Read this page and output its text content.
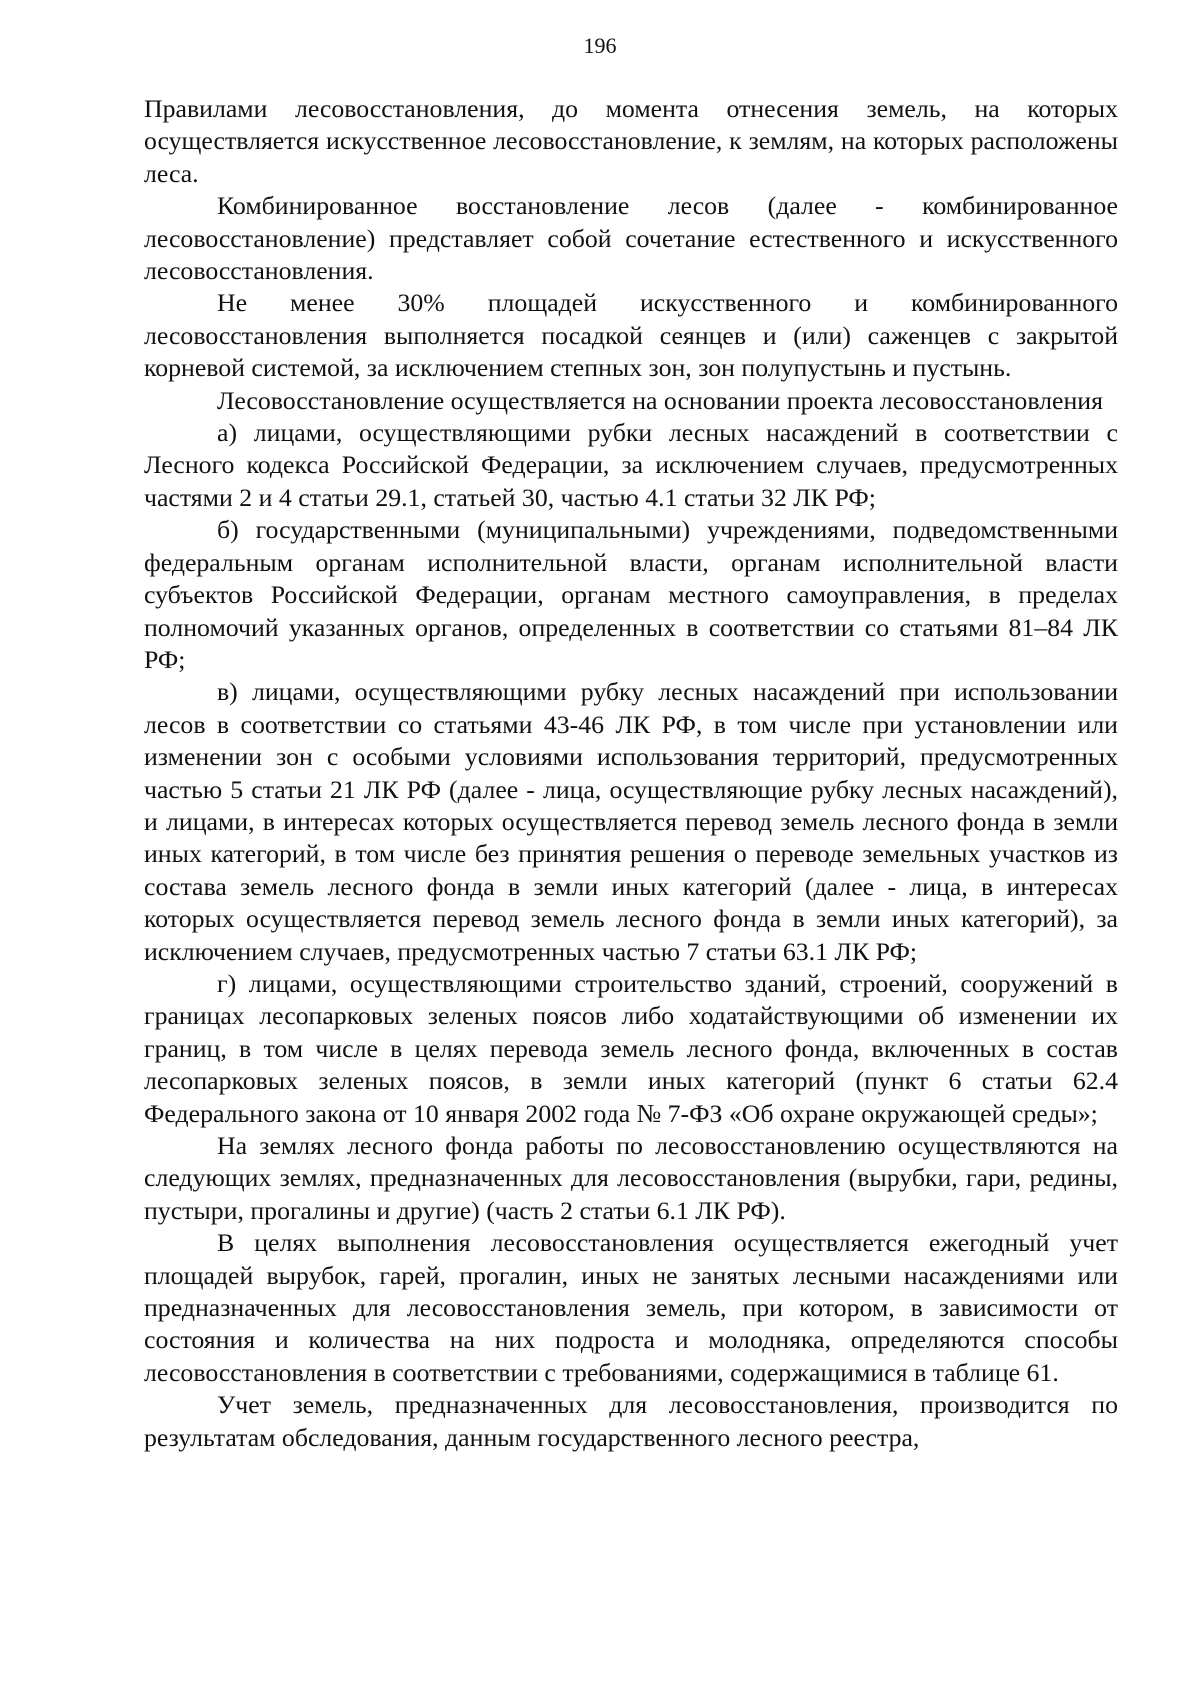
196

Правилами лесовосстановления, до момента отнесения земель, на которых осуществляется искусственное лесовосстановление, к землям, на которых расположены леса.

Комбинированное восстановление лесов (далее - комбинированное лесовосстановление) представляет собой сочетание естественного и искусственного лесовосстановления.

Не менее 30% площадей искусственного и комбинированного лесовосстановления выполняется посадкой сеянцев и (или) саженцев с закрытой корневой системой, за исключением степных зон, зон полупустынь и пустынь.

Лесовосстановление осуществляется на основании проекта лесовосстановления

а) лицами, осуществляющими рубки лесных насаждений в соответствии с Лесного кодекса Российской Федерации, за исключением случаев, предусмотренных частями 2 и 4 статьи 29.1, статьей 30, частью 4.1 статьи 32 ЛК РФ;

б) государственными (муниципальными) учреждениями, подведомственными федеральным органам исполнительной власти, органам исполнительной власти субъектов Российской Федерации, органам местного самоуправления, в пределах полномочий указанных органов, определенных в соответствии со статьями 81–84 ЛК РФ;

в) лицами, осуществляющими рубку лесных насаждений при использовании лесов в соответствии со статьями 43-46 ЛК РФ, в том числе при установлении или изменении зон с особыми условиями использования территорий, предусмотренных частью 5 статьи 21 ЛК РФ (далее - лица, осуществляющие рубку лесных насаждений), и лицами, в интересах которых осуществляется перевод земель лесного фонда в земли иных категорий, в том числе без принятия решения о переводе земельных участков из состава земель лесного фонда в земли иных категорий (далее - лица, в интересах которых осуществляется перевод земель лесного фонда в земли иных категорий), за исключением случаев, предусмотренных частью 7 статьи 63.1 ЛК РФ;

г) лицами, осуществляющими строительство зданий, строений, сооружений в границах лесопарковых зеленых поясов либо ходатайствующими об изменении их границ, в том числе в целях перевода земель лесного фонда, включенных в состав лесопарковых зеленых поясов, в земли иных категорий (пункт 6 статьи 62.4 Федерального закона от 10 января 2002 года № 7-ФЗ «Об охране окружающей среды»;

На землях лесного фонда работы по лесовосстановлению осуществляются на следующих землях, предназначенных для лесовосстановления (вырубки, гари, редины, пустыри, прогалины и другие) (часть 2 статьи 6.1 ЛК РФ).

В целях выполнения лесовосстановления осуществляется ежегодный учет площадей вырубок, гарей, прогалин, иных не занятых лесными насаждениями или предназначенных для лесовосстановления земель, при котором, в зависимости от состояния и количества на них подроста и молодняка, определяются способы лесовосстановления в соответствии с требованиями, содержащимися в таблице 61.

Учет земель, предназначенных для лесовосстановления, производится по результатам обследования, данным государственного лесного реестра,
